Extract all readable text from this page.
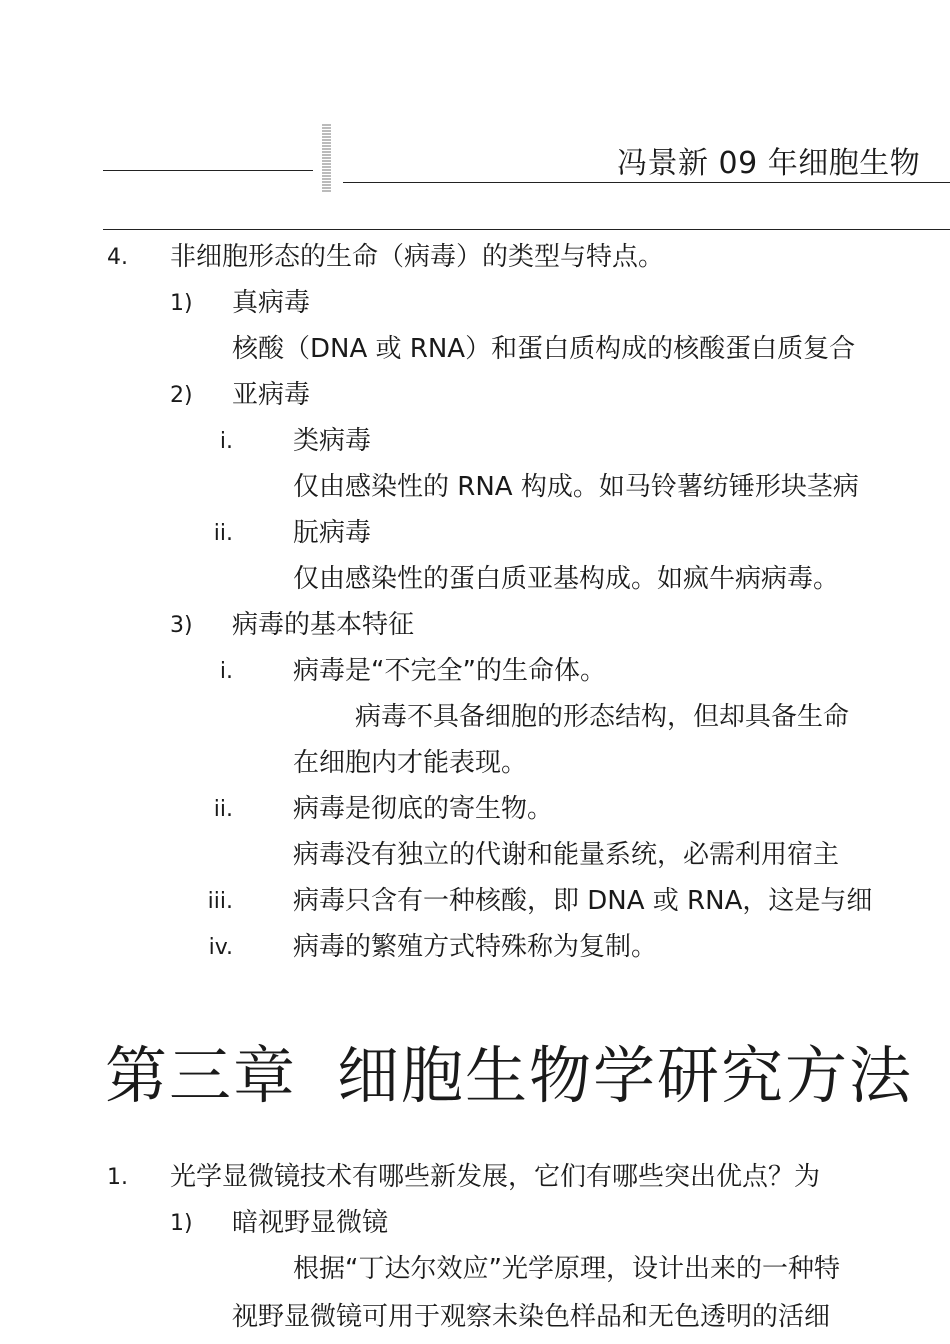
冯景新 09 年细胞生物
4. 非细胞形态的生命（病毒）的类型与特点。
1) 真病毒
核酸（DNA 或 RNA）和蛋白质构成的核酸蛋白质复合
2) 亚病毒
i. 类病毒
仅由感染性的 RNA 构成。如马铃薯纺锤形块茎病
ii. 朊病毒
仅由感染性的蛋白质亚基构成。如疯牛病病毒。
3) 病毒的基本特征
i. 病毒是“不完全”的生命体。
病毒不具备细胞的形态结构，但却具备生命
在细胞内才能表现。
ii. 病毒是彻底的寄生物。
病毒没有独立的代谢和能量系统，必需利用宿主
iii. 病毒只含有一种核酸，即 DNA 或 RNA，这是与细
iv. 病毒的繁殖方式特殊称为复制。
第三章 细胞生物学研究方法
1. 光学显微镜技术有哪些新发展，它们有哪些突出优点？为
1) 暗视野显微镜
根据“丁达尔效应”光学原理，设计出来的一种特
视野显微镜可用于观察未染色样品和无色透明的活细
